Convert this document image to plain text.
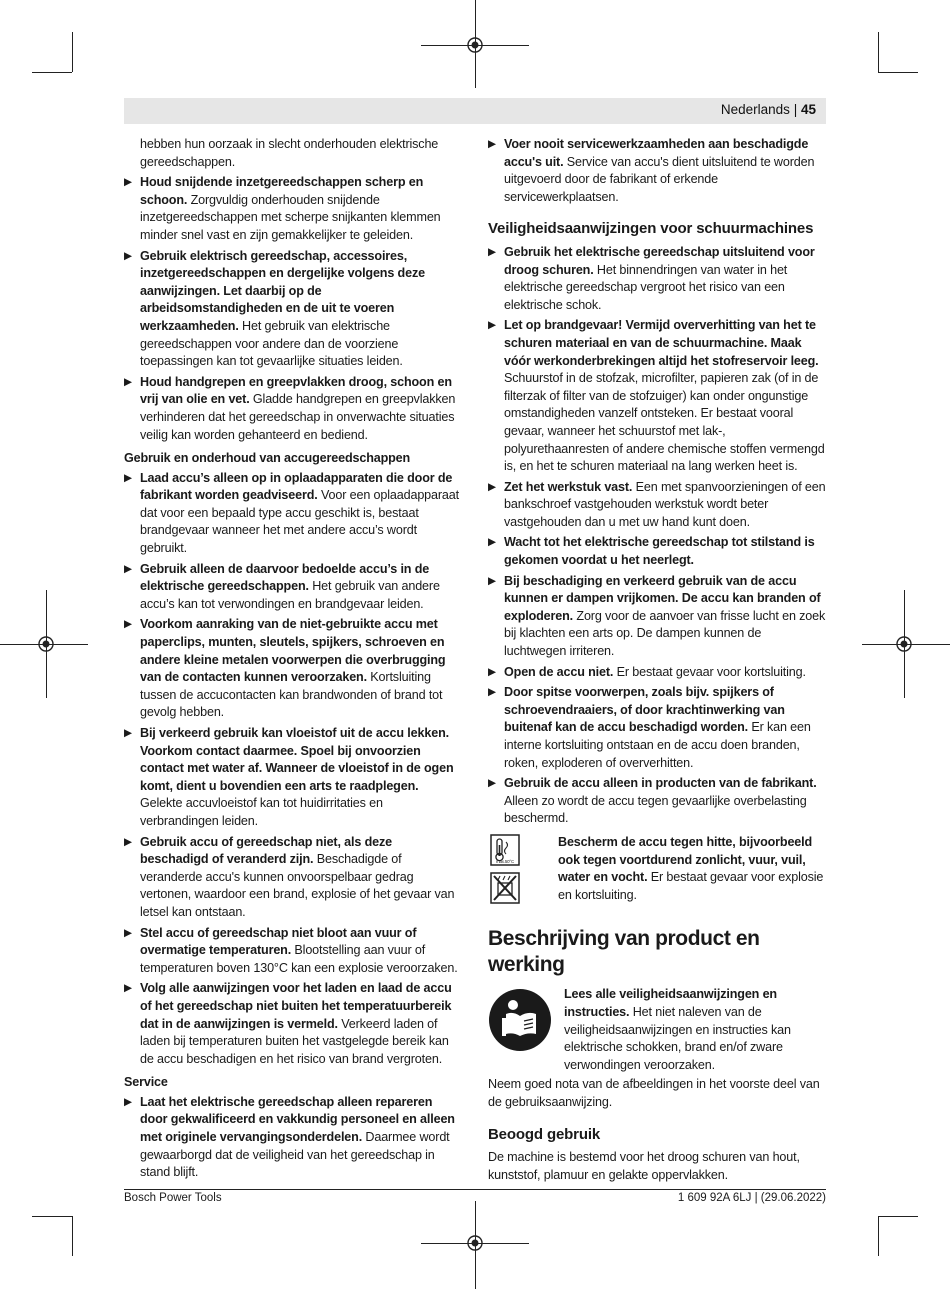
Nederlands | 45

hebben hun oorzaak in slecht onderhouden elektrische gereedschappen.

▶ Houd snijdende inzetgereedschappen scherp en schoon. Zorgvuldig onderhouden snijdende inzetgereedschappen met scherpe snijkanten klemmen minder snel vast en zijn gemakkelijker te geleiden.
▶ Gebruik elektrisch gereedschap, accessoires, inzetgereedschappen en dergelijke volgens deze aanwijzingen. Let daarbij op de arbeidsomstandigheden en de uit te voeren werkzaamheden. Het gebruik van elektrische gereedschappen voor andere dan de voorziene toepassingen kan tot gevaarlijke situaties leiden.
▶ Houd handgrepen en greepvlakken droog, schoon en vrij van olie en vet. Gladde handgrepen en greepvlakken verhinderen dat het gereedschap in onverwachte situaties veilig kan worden gehanteerd en bediend.
Gebruik en onderhoud van accugereedschappen
▶ Laad accu’s alleen op in oplaadapparaten die door de fabrikant worden geadviseerd. Voor een oplaadapparaat dat voor een bepaald type accu geschikt is, bestaat brandgevaar wanneer het met andere accu’s wordt gebruikt.
▶ Gebruik alleen de daarvoor bedoelde accu’s in de elektrische gereedschappen. Het gebruik van andere accu’s kan tot verwondingen en brandgevaar leiden.
▶ Voorkom aanraking van de niet-gebruikte accu met paperclips, munten, sleutels, spijkers, schroeven en andere kleine metalen voorwerpen die overbrugging van de contacten kunnen veroorzaken. Kortsluiting tussen de accucontacten kan brandwonden of brand tot gevolg hebben.
▶ Bij verkeerd gebruik kan vloeistof uit de accu lekken. Voorkom contact daarmee. Spoel bij onvoorzien contact met water af. Wanneer de vloeistof in de ogen komt, dient u bovendien een arts te raadplegen. Gelekte accuvloeistof kan tot huidirritaties en verbrandingen leiden.
▶ Gebruik accu of gereedschap niet, als deze beschadigd of veranderd zijn. Beschadigde of veranderde accu's kunnen onvoorspelbaar gedrag vertonen, waardoor een brand, explosie of het gevaar van letsel kan ontstaan.
▶ Stel accu of gereedschap niet bloot aan vuur of overmatige temperaturen. Blootstelling aan vuur of temperaturen boven 130°C kan een explosie veroorzaken.
▶ Volg alle aanwijzingen voor het laden en laad de accu of het gereedschap niet buiten het temperatuurbereik dat in de aanwijzingen is vermeld. Verkeerd laden of laden bij temperaturen buiten het vastgelegde bereik kan de accu beschadigen en het risico van brand vergroten.
Service
▶ Laat het elektrische gereedschap alleen repareren door gekwalificeerd en vakkundig personeel en alleen met originele vervangingsonderdelen. Daarmee wordt gewaarborgd dat de veiligheid van het gereedschap in stand blijft.
▶ Voer nooit servicewerkzaamheden aan beschadigde accu's uit. Service van accu's dient uitsluitend te worden uitgevoerd door de fabrikant of erkende servicewerkplaatsen.
Veiligheidsaanwijzingen voor schuurmachines
▶ Gebruik het elektrische gereedschap uitsluitend voor droog schuren. Het binnendringen van water in het elektrische gereedschap vergroot het risico van een elektrische schok.
▶ Let op brandgevaar! Vermijd oververhitting van het te schuren materiaal en van de schuurmachine. Maak vóór werkonderbrekingen altijd het stofreservoir leeg. Schuurstof in de stofzak, microfilter, papieren zak (of in de filterzak of filter van de stofzuiger) kan onder ongunstige omstandigheden vanzelf ontsteken. Er bestaat vooral gevaar, wanneer het schuurstof met lak-, polyurethaanresten of andere chemische stoffen vermengd is, en het te schuren materiaal na lang werken heet is.
▶ Zet het werkstuk vast. Een met spanvoorzieningen of een bankschroef vastgehouden werkstuk wordt beter vastgehouden dan u met uw hand kunt doen.
▶ Wacht tot het elektrische gereedschap tot stilstand is gekomen voordat u het neerlegt.
▶ Bij beschadiging en verkeerd gebruik van de accu kunnen er dampen vrijkomen. De accu kan branden of exploderen. Zorg voor de aanvoer van frisse lucht en zoek bij klachten een arts op. De dampen kunnen de luchtwegen irriteren.
▶ Open de accu niet. Er bestaat gevaar voor kortsluiting.
▶ Door spitse voorwerpen, zoals bijv. spijkers of schroevendraaiers, of door krachtinwerking van buitenaf kan de accu beschadigd worden. Er kan een interne kortsluiting ontstaan en de accu doen branden, roken, exploderen of oververhitten.
▶ Gebruik de accu alleen in producten van de fabrikant. Alleen zo wordt de accu tegen gevaarlijke overbelasting beschermd.
max.50°C
Bescherm de accu tegen hitte, bijvoorbeeld ook tegen voortdurend zonlicht, vuur, vuil, water en vocht. Er bestaat gevaar voor explosie en kortsluiting.
Beschrijving van product en werking
Lees alle veiligheidsaanwijzingen en instructies. Het niet naleven van de veiligheidsaanwijzingen en instructies kan elektrische schokken, brand en/of zware verwondingen veroorzaken.

Neem goed nota van de afbeeldingen in het voorste deel van de gebruiksaanwijzing.

Beoogd gebruik

De machine is bestemd voor het droog schuren van hout, kunststof, plamuur en gelakte oppervlakken.

Bosch Power Tools	1 609 92A 6LJ | (29.06.2022)
